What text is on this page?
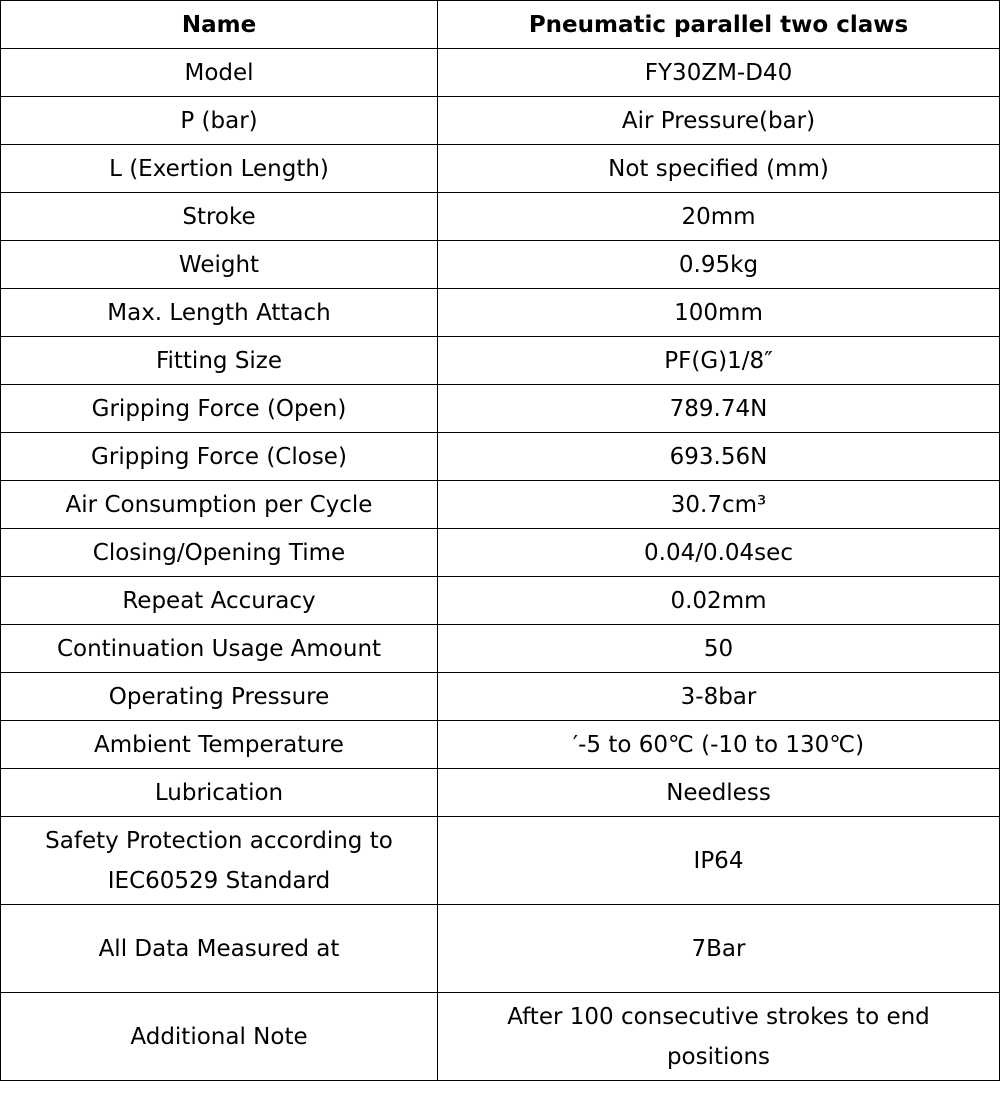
Name	Pneumatic parallel two claws
Model	FY30ZM-D40
P (bar)	Air Pressure(bar)
L (Exertion Length)	Not specified (mm)
Stroke	20mm
Weight	0.95kg
Max. Length Attach	100mm
Fitting Size	PF(G)1/8″
Gripping Force (Open)	789.74N
Gripping Force (Close)	693.56N
Air Consumption per Cycle	30.7cm³
Closing/Opening Time	0.04/0.04sec
Repeat Accuracy	0.02mm
Continuation Usage Amount	50
Operating Pressure	3-8bar
Ambient Temperature	′-5 to 60℃ (-10 to 130℃)
Lubrication	Needless
Safety Protection according to IEC60529 Standard	IP64
All Data Measured at	7Bar
Additional Note	After 100 consecutive strokes to end positions
